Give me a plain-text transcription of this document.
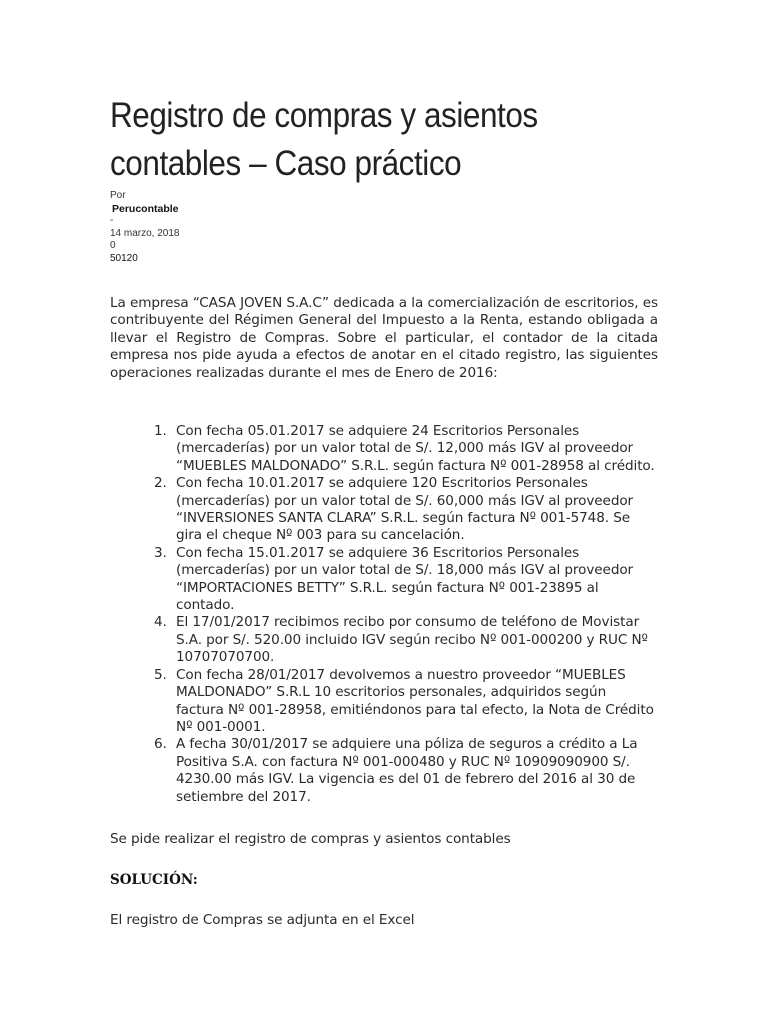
Registro de compras y asientos
contables – Caso práctico
Por
Perucontable
-
14 marzo, 2018
0
50120

La empresa “CASA JOVEN S.A.C” dedicada a la comercialización de escritorios, es contribuyente del Régimen General del Impuesto a la Renta, estando obligada a llevar el Registro de Compras. Sobre el particular, el contador de la citada empresa nos pide ayuda a efectos de anotar en el citado registro, las siguientes operaciones realizadas durante el mes de Enero de 2016:

1. Con fecha 05.01.2017 se adquiere 24 Escritorios Personales (mercaderías) por un valor total de S/. 12,000 más IGV al proveedor “MUEBLES MALDONADO” S.R.L. según factura Nº 001-28958 al crédito.
2. Con fecha 10.01.2017 se adquiere 120 Escritorios Personales (mercaderías) por un valor total de S/. 60,000 más IGV al proveedor “INVERSIONES SANTA CLARA” S.R.L. según factura Nº 001-5748. Se gira el cheque Nº 003 para su cancelación.
3. Con fecha 15.01.2017 se adquiere 36 Escritorios Personales (mercaderías) por un valor total de S/. 18,000 más IGV al proveedor “IMPORTACIONES BETTY” S.R.L. según factura Nº 001-23895 al contado.
4. El 17/01/2017 recibimos recibo por consumo de teléfono de Movistar S.A. por S/. 520.00 incluido IGV según recibo Nº 001-000200 y RUC Nº 10707070700.
5. Con fecha 28/01/2017 devolvemos a nuestro proveedor “MUEBLES MALDONADO” S.R.L 10 escritorios personales, adquiridos según factura Nº 001-28958, emitiéndonos para tal efecto, la Nota de Crédito Nº 001-0001.
6. A fecha 30/01/2017 se adquiere una póliza de seguros a crédito a La Positiva S.A. con factura Nº 001-000480 y RUC Nº 10909090900 S/. 4230.00 más IGV. La vigencia es del 01 de febrero del 2016 al 30 de setiembre del 2017.

Se pide realizar el registro de compras y asientos contables

SOLUCIÓN:

El registro de Compras se adjunta en el Excel
